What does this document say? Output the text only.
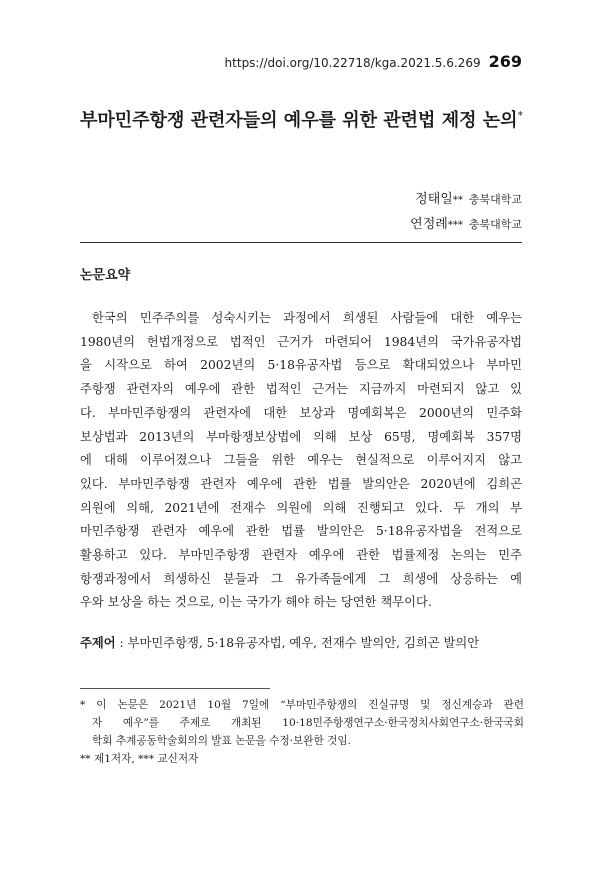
https://doi.org/10.22718/kga.2021.5.6.269 269
부마민주항쟁 관련자들의 예우를 위한 관련법 제정 논의*
정태일** 충북대학교
연정례*** 충북대학교
논문요약
한국의 민주주의를 성숙시키는 과정에서 희생된 사람들에 대한 예우는
1980년의 헌법개정으로 법적인 근거가 마련되어 1984년의 국가유공자법
을 시작으로 하여 2002년의 5·18유공자법 등으로 확대되었으나 부마민
주항쟁 관련자의 예우에 관한 법적인 근거는 지금까지 마련되지 않고 있
다. 부마민주항쟁의 관련자에 대한 보상과 명예회복은 2000년의 민주화
보상법과 2013년의 부마항쟁보상법에 의해 보상 65명, 명예회복 357명
에 대해 이루어졌으나 그들을 위한 예우는 현실적으로 이루어지지 않고
있다. 부마민주항쟁 관련자 예우에 관한 법률 발의안은 2020년에 김희곤
의원에 의해, 2021년에 전재수 의원에 의해 진행되고 있다. 두 개의 부
마민주항쟁 관련자 예우에 관한 법률 발의안은 5·18유공자법을 전적으로
활용하고 있다. 부마민주항쟁 관련자 예우에 관한 법률제정 논의는 민주
항쟁과정에서 희생하신 분들과 그 유가족들에게 그 희생에 상응하는 예
우와 보상을 하는 것으로, 이는 국가가 해야 하는 당연한 책무이다.
주제어 : 부마민주항쟁, 5·18유공자법, 예우, 전재수 발의안, 김희곤 발의안
* 이 논문은 2021년 10월 7일에 “부마민주항쟁의 진실규명 및 정신계승과 관련
자 예우”를 주제로 개최된 10·18민주항쟁연구소·한국정치사회연구소·한국국회
학회 추계공동학술회의의 발표 논문을 수정·보완한 것임.
** 제1저자, *** 교신저자
